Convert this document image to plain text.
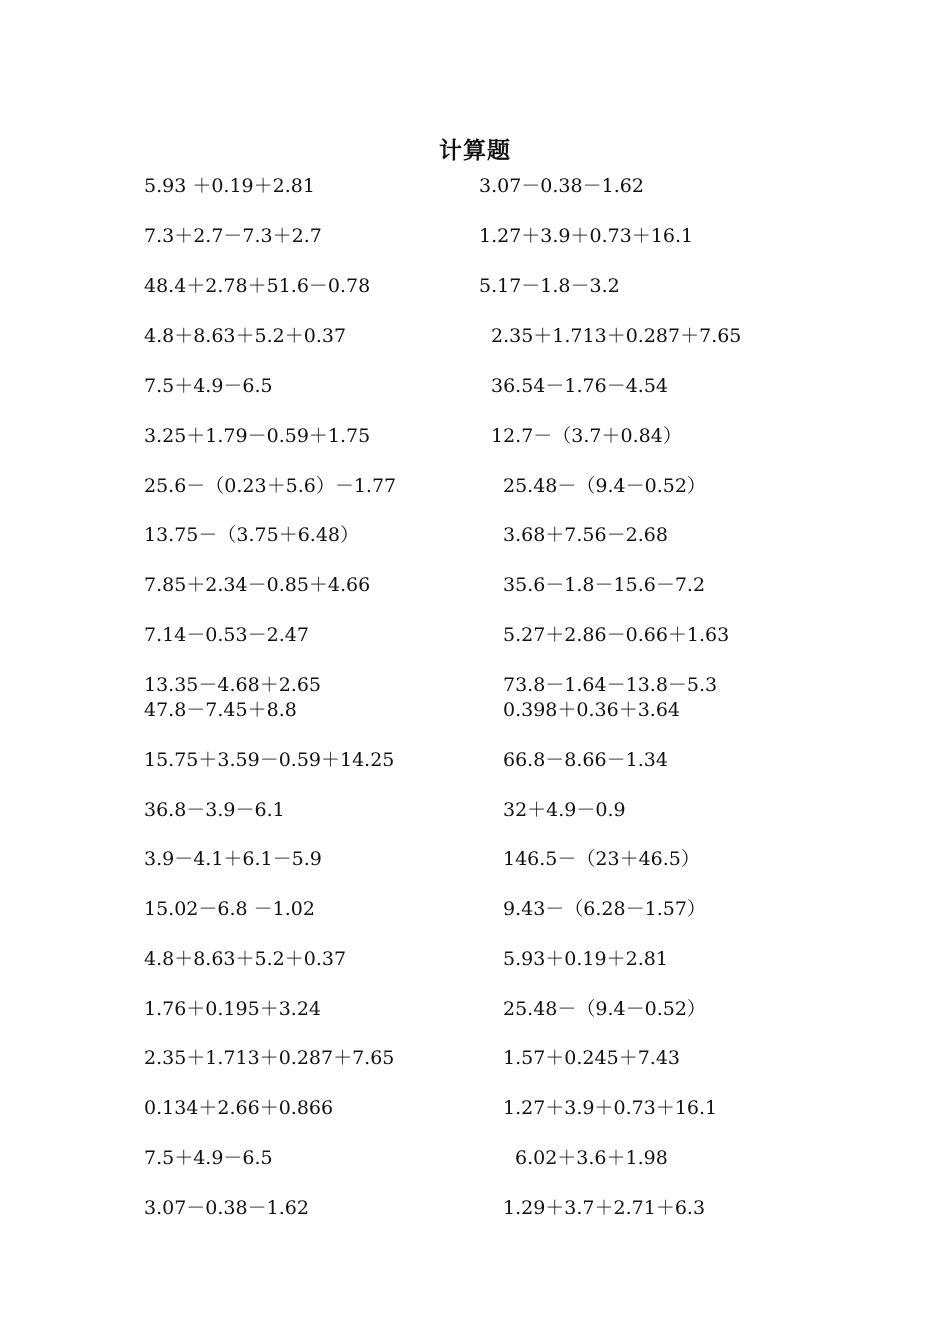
计算题
5.93 ＋0.19＋2.81
7.3＋2.7－7.3＋2.7
48.4＋2.78＋51.6－0.78
4.8＋8.63＋5.2＋0.37
7.5＋4.9－6.5
3.25＋1.79－0.59＋1.75
25.6－（0.23＋5.6）－1.77
13.75－（3.75＋6.48）
7.85＋2.34－0.85＋4.66
7.14－0.53－2.47
13.35－4.68＋2.65
47.8－7.45＋8.8
15.75＋3.59－0.59＋14.25
36.8－3.9－6.1
3.9－4.1＋6.1－5.9
15.02－6.8 －1.02
4.8＋8.63＋5.2＋0.37
1.76＋0.195＋3.24
2.35＋1.713＋0.287＋7.65
0.134＋2.66＋0.866
7.5＋4.9－6.5
3.07－0.38－1.62
3.07－0.38－1.62
1.27＋3.9＋0.73＋16.1
5.17－1.8－3.2
2.35＋1.713＋0.287＋7.65
36.54－1.76－4.54
12.7－（3.7＋0.84）
25.48－（9.4－0.52）
3.68＋7.56－2.68
35.6－1.8－15.6－7.2
5.27＋2.86－0.66＋1.63
73.8－1.64－13.8－5.3
0.398＋0.36＋3.64
66.8－8.66－1.34
32＋4.9－0.9
146.5－（23＋46.5）
9.43－（6.28－1.57）
5.93＋0.19＋2.81
25.48－（9.4－0.52）
1.57＋0.245＋7.43
1.27＋3.9＋0.73＋16.1
6.02＋3.6＋1.98
1.29＋3.7＋2.71＋6.3
